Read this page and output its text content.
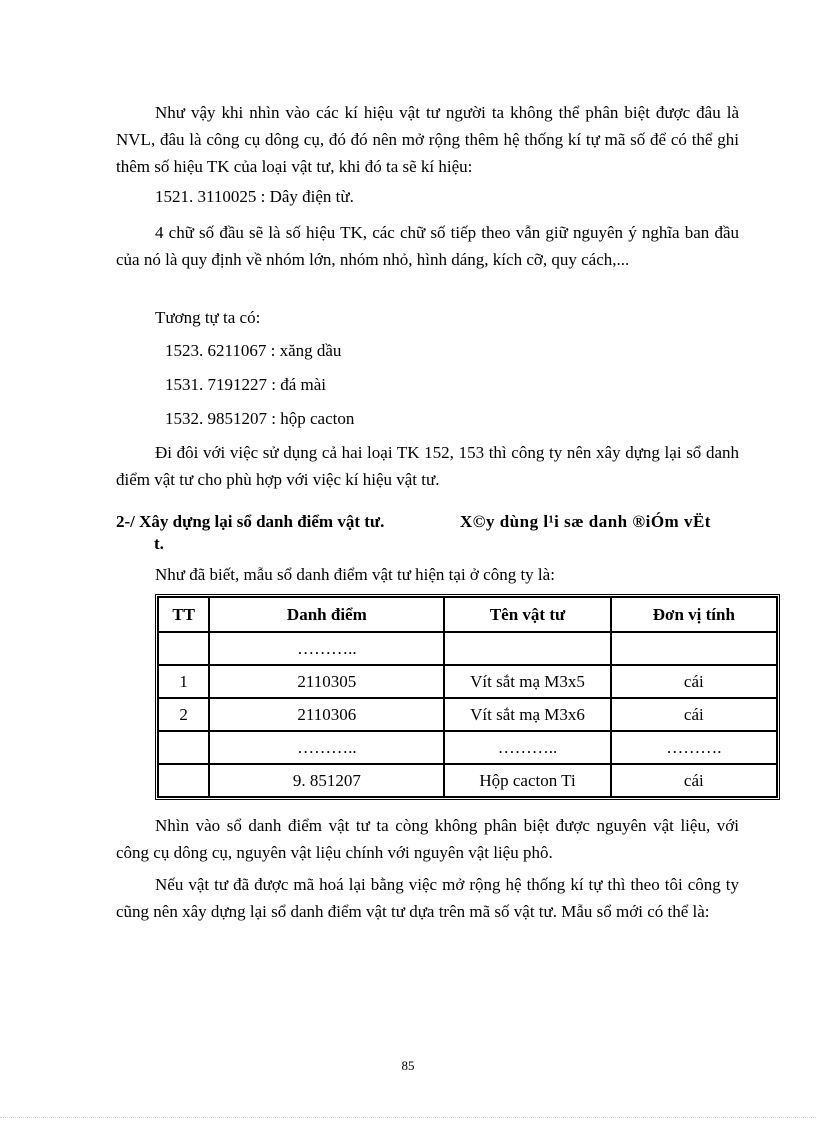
Như vậy khi nhìn vào các kí hiệu vật tư người ta không thể phân biệt được đâu là NVL, đâu là công cụ dông cụ, đó đó nên mở rộng thêm hệ thống kí tự mã số để có thể ghi thêm số hiệu TK của loại vật tư, khi đó ta sẽ kí hiệu:

1521. 3110025 : Dây điện từ.

4 chữ số đầu sẽ là số hiệu TK, các chữ số tiếp theo vẫn giữ nguyên ý nghĩa ban đầu của nó là quy định về nhóm lớn, nhóm nhỏ, hình dáng, kích cỡ, quy cách,...

Tương tự ta có:

1523. 6211067 : xăng dầu

1531. 7191227 : đá mài

1532. 9851207 : hộp cacton

Đi đôi với việc sử dụng cả hai loại TK 152, 153 thì công ty nên xây dựng lại sổ danh điểm vật tư cho phù hợp với việc kí hiệu vật tư.

2-/ Xây dựng lại sổ danh điểm vật tư.	X©y dùng l¹i sæ danh ®iÓm vËt
t.

Như đã biết, mẫu sổ danh điểm vật tư hiện tại ở công ty là:

TT	Danh điểm	Tên vật tư	Đơn vị tính
	………..		
1	2110305	Vít sắt mạ M3x5	cái
2	2110306	Vít sắt mạ M3x6	cái
	………..	………..	……….
	9. 851207	Hộp cacton Ti	cái

Nhìn vào sổ danh điểm vật tư ta còng không phân biệt được nguyên vật liệu, với công cụ dông cụ, nguyên vật liệu chính với nguyên vật liệu phô.

Nếu vật tư đã được mã hoá lại bằng việc mở rộng hệ thống kí tự thì theo tôi công ty cũng nên xây dựng lại sổ danh điểm vật tư dựa trên mã số vật tư. Mẫu sổ mới có thể là:

85
